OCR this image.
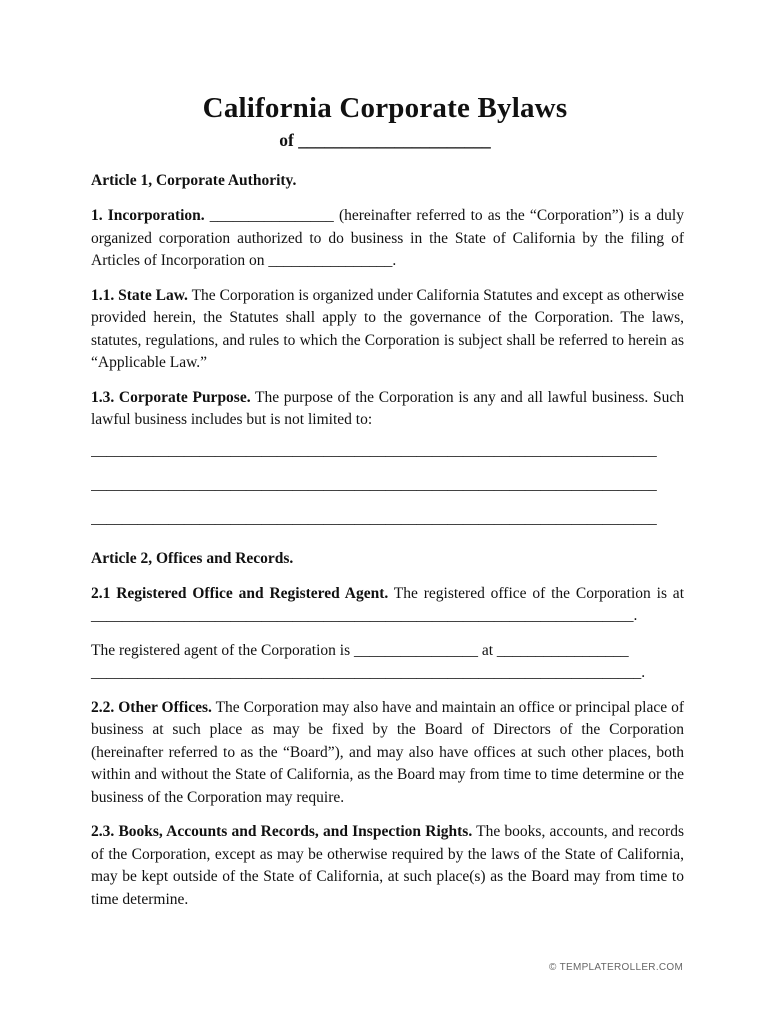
California Corporate Bylaws
of ______________________
Article 1, Corporate Authority.

1. Incorporation. ________________ (hereinafter referred to as the “Corporation”) is a duly organized corporation authorized to do business in the State of California by the filing of Articles of Incorporation on ________________.

1.1. State Law. The Corporation is organized under California Statutes and except as otherwise provided herein, the Statutes shall apply to the governance of the Corporation. The laws, statutes, regulations, and rules to which the Corporation is subject shall be referred to herein as “Applicable Law.”

1.3. Corporate Purpose. The purpose of the Corporation is any and all lawful business. Such lawful business includes but is not limited to:

_________________________________________________________________________
_________________________________________________________________________
_________________________________________________________________________
Article 2, Offices and Records.

2.1 Registered Office and Registered Agent. The registered office of the Corporation is at ______________________________________________________________________.

The registered agent of the Corporation is ________________ at _________________ _______________________________________________________________________.

2.2. Other Offices. The Corporation may also have and maintain an office or principal place of business at such place as may be fixed by the Board of Directors of the Corporation (hereinafter referred to as the “Board”), and may also have offices at such other places, both within and without the State of California, as the Board may from time to time determine or the business of the Corporation may require.

2.3. Books, Accounts and Records, and Inspection Rights. The books, accounts, and records of the Corporation, except as may be otherwise required by the laws of the State of California, may be kept outside of the State of California, at such place(s) as the Board may from time to time determine.

© TEMPLATEROLLER.COM
